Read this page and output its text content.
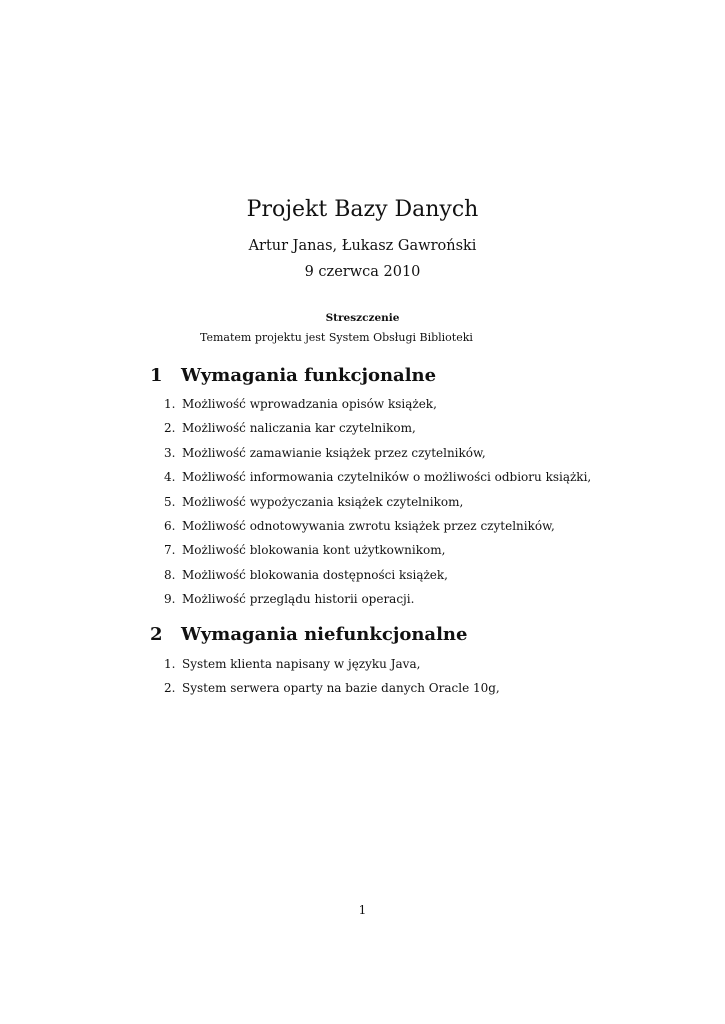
Projekt Bazy Danych
Artur Janas, Łukasz Gawroński
9 czerwca 2010
Streszczenie
Tematem projektu jest System Obsługi Biblioteki
1 Wymagania funkcjonalne
1. Możliwość wprowadzania opisów książek,
2. Możliwość naliczania kar czytelnikom,
3. Możliwość zamawianie książek przez czytelników,
4. Możliwość informowania czytelników o możliwości odbioru książki,
5. Możliwość wypożyczania książek czytelnikom,
6. Możliwość odnotowywania zwrotu książek przez czytelników,
7. Możliwość blokowania kont użytkownikom,
8. Możliwość blokowania dostępności książek,
9. Możliwość przeglądu historii operacji.
2 Wymagania niefunkcjonalne
1. System klienta napisany w języku Java,
2. System serwera oparty na bazie danych Oracle 10g,
1
